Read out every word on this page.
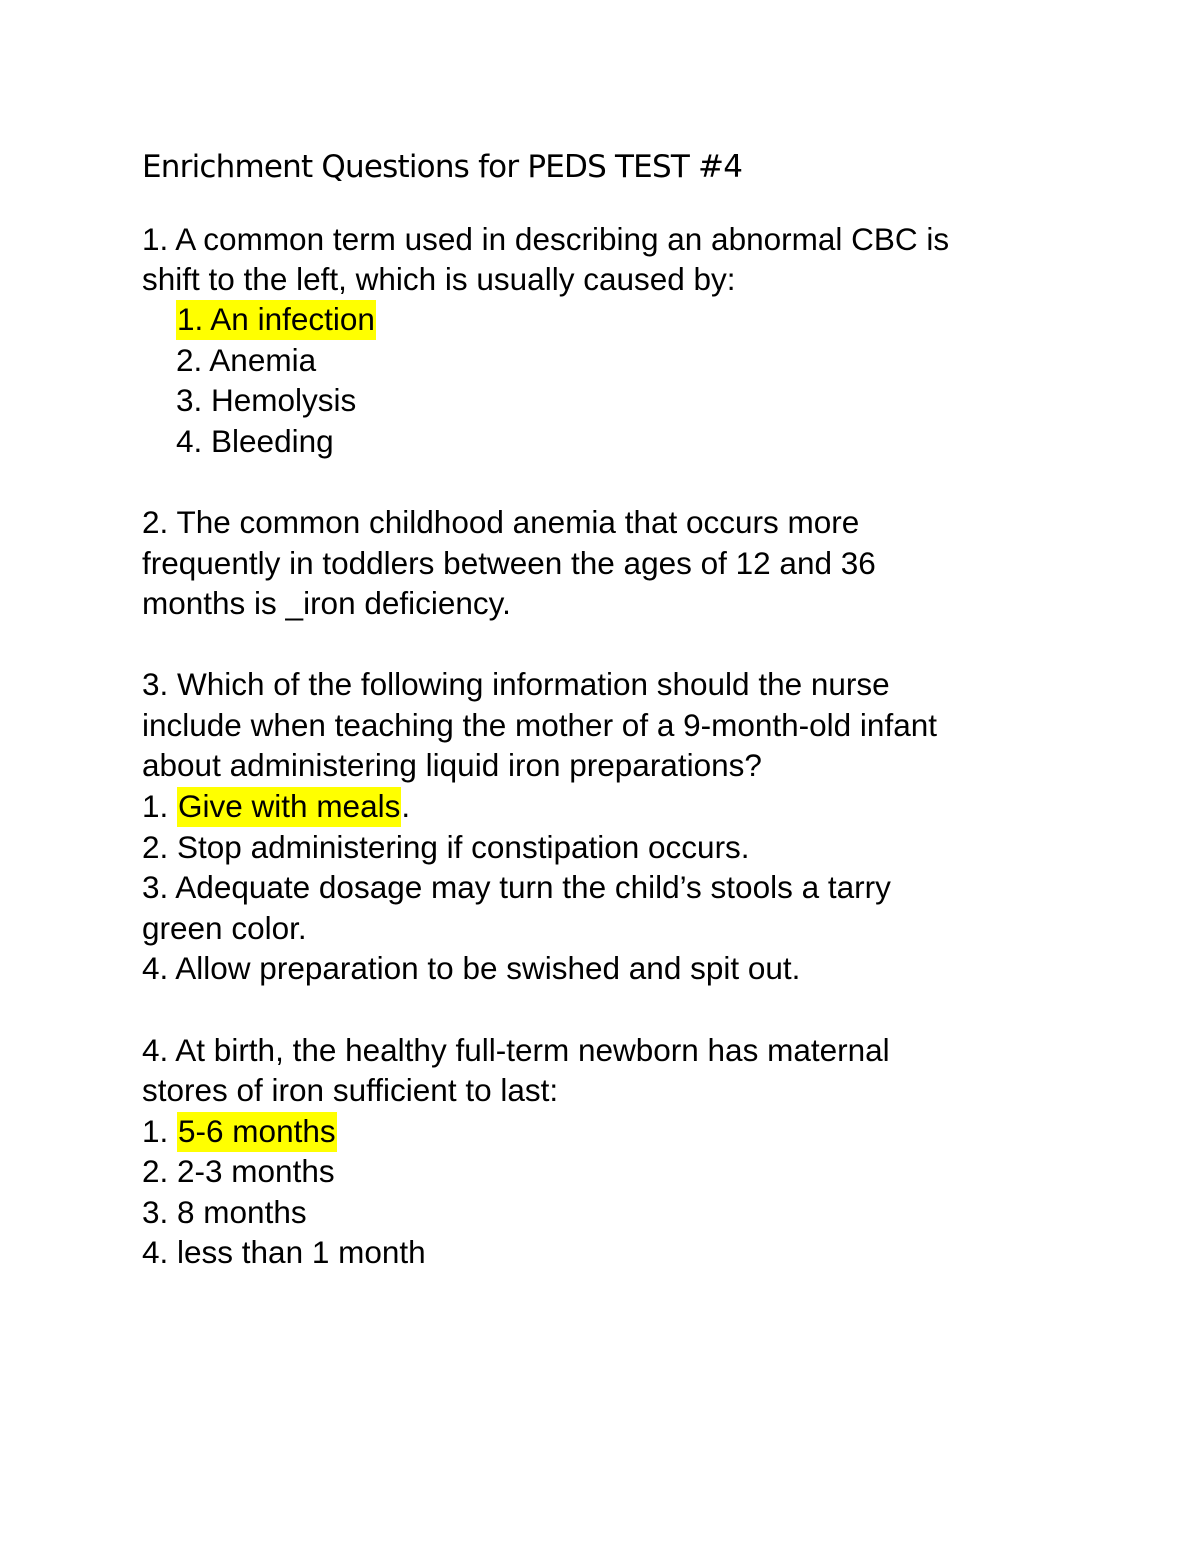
Enrichment Questions for PEDS TEST #4
1. A common term used in describing an abnormal CBC is
shift to the left, which is usually caused by:
1. An infection
2. Anemia
3. Hemolysis
4. Bleeding
2. The common childhood anemia that occurs more
frequently in toddlers between the ages of 12 and 36
months is _iron deficiency.
3. Which of the following information should the nurse
include when teaching the mother of a 9-month-old infant
about administering liquid iron preparations?
1. Give with meals.
2. Stop administering if constipation occurs.
3. Adequate dosage may turn the child’s stools a tarry
green color.
4. Allow preparation to be swished and spit out.
4. At birth, the healthy full-term newborn has maternal
stores of iron sufficient to last:
1. 5-6 months
2. 2-3 months
3. 8 months
4. less than 1 month
